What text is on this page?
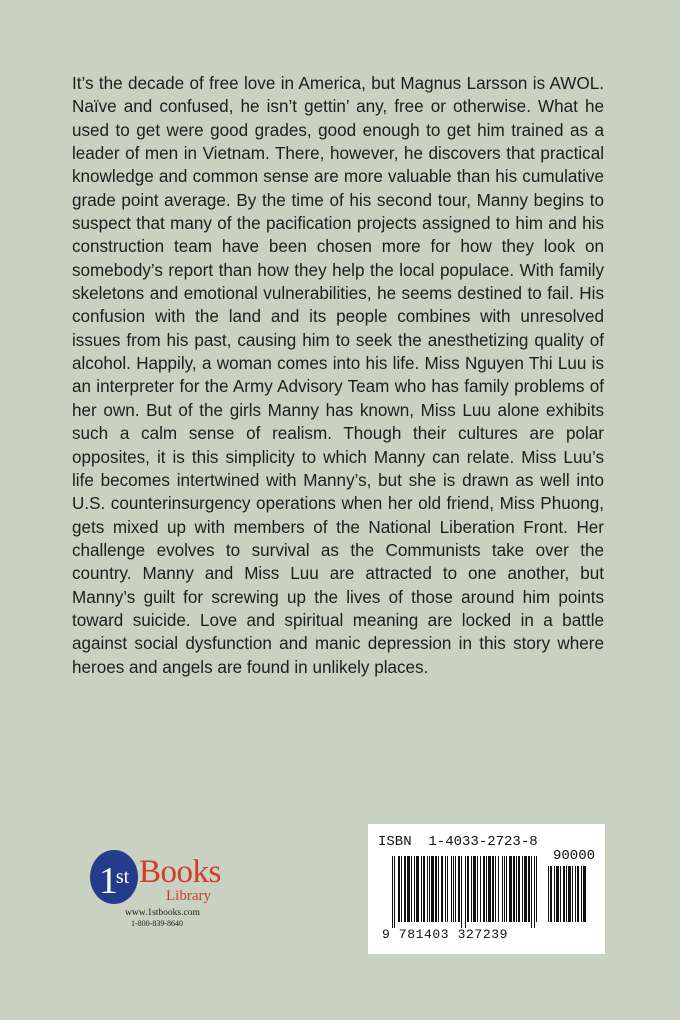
It’s the decade of free love in America, but Magnus Larsson is AWOL. Naïve and confused, he isn’t gettin’ any, free or otherwise. What he used to get were good grades, good enough to get him trained as a leader of men in Vietnam. There, however, he discovers that practical knowledge and common sense are more valuable than his cumulative grade point average. By the time of his second tour, Manny begins to suspect that many of the pacification projects assigned to him and his construction team have been chosen more for how they look on somebody’s report than how they help the local populace. With family skeletons and emotional vulnerabilities, he seems destined to fail. His confusion with the land and its people combines with unresolved issues from his past, causing him to seek the anesthetizing quality of alcohol. Happily, a woman comes into his life. Miss Nguyen Thi Luu is an interpreter for the Army Advisory Team who has family problems of her own. But of the girls Manny has known, Miss Luu alone exhibits such a calm sense of realism. Though their cultures are polar opposites, it is this simplicity to which Manny can relate. Miss Luu’s life becomes intertwined with Manny’s, but she is drawn as well into U.S. counterinsurgency operations when her old friend, Miss Phuong, gets mixed up with members of the National Liberation Front. Her challenge evolves to survival as the Communists take over the country. Manny and Miss Luu are attracted to one another, but Manny’s guilt for screwing up the lives of those around him points toward suicide. Love and spiritual meaning are locked in a battle against social dysfunction and manic depression in this story where heroes and angels are found in unlikely places.

1st Books
Library
www.1stbooks.com
1-800-839-8640
ISBN  1-4033-2723-8
90000
9 781403 327239
